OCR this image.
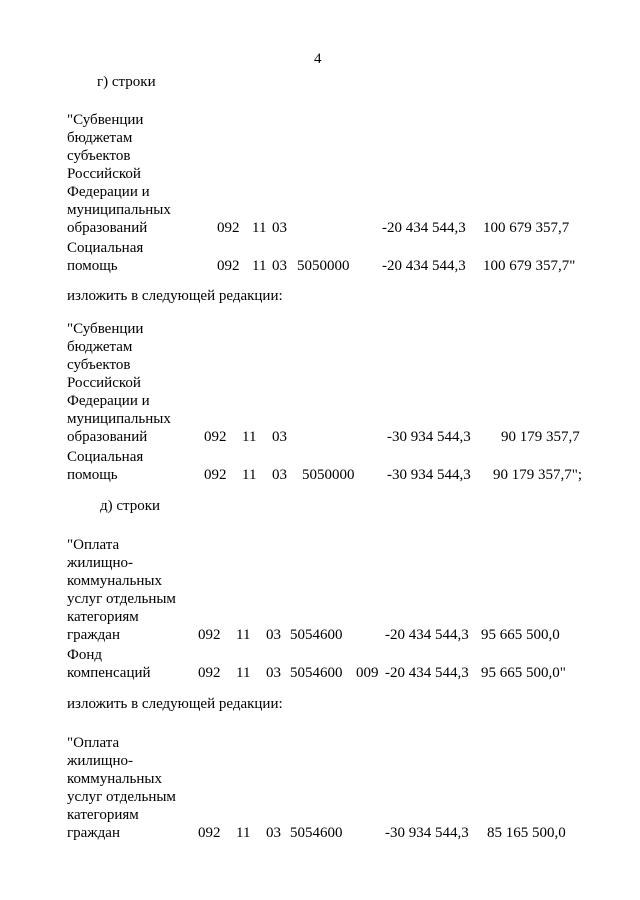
4
г) строки
"Субвенции
бюджетам
субъектов
Российской
Федерации и
муниципальных
образований	092 11 03	-20 434 544,3 100 679 357,7
Социальная
помощь	092 11 03 5050000 -20 434 544,3 100 679 357,7"
изложить в следующей редакции:
"Субвенции
бюджетам
субъектов
Российской
Федерации и
муниципальных
образований	092 11 03	-30 934 544,3 90 179 357,7
Социальная
помощь	092 11 03 5050000 -30 934 544,3 90 179 357,7";
д) строки
"Оплата
жилищно-
коммунальных
услуг отдельным
категориям
граждан	092 11 03 5054600	-20 434 544,3 95 665 500,0
Фонд
компенсаций	092 11 03 5054600 009 -20 434 544,3 95 665 500,0"
изложить в следующей редакции:
"Оплата
жилищно-
коммунальных
услуг отдельным
категориям
граждан	092 11 03 5054600	-30 934 544,3 85 165 500,0
